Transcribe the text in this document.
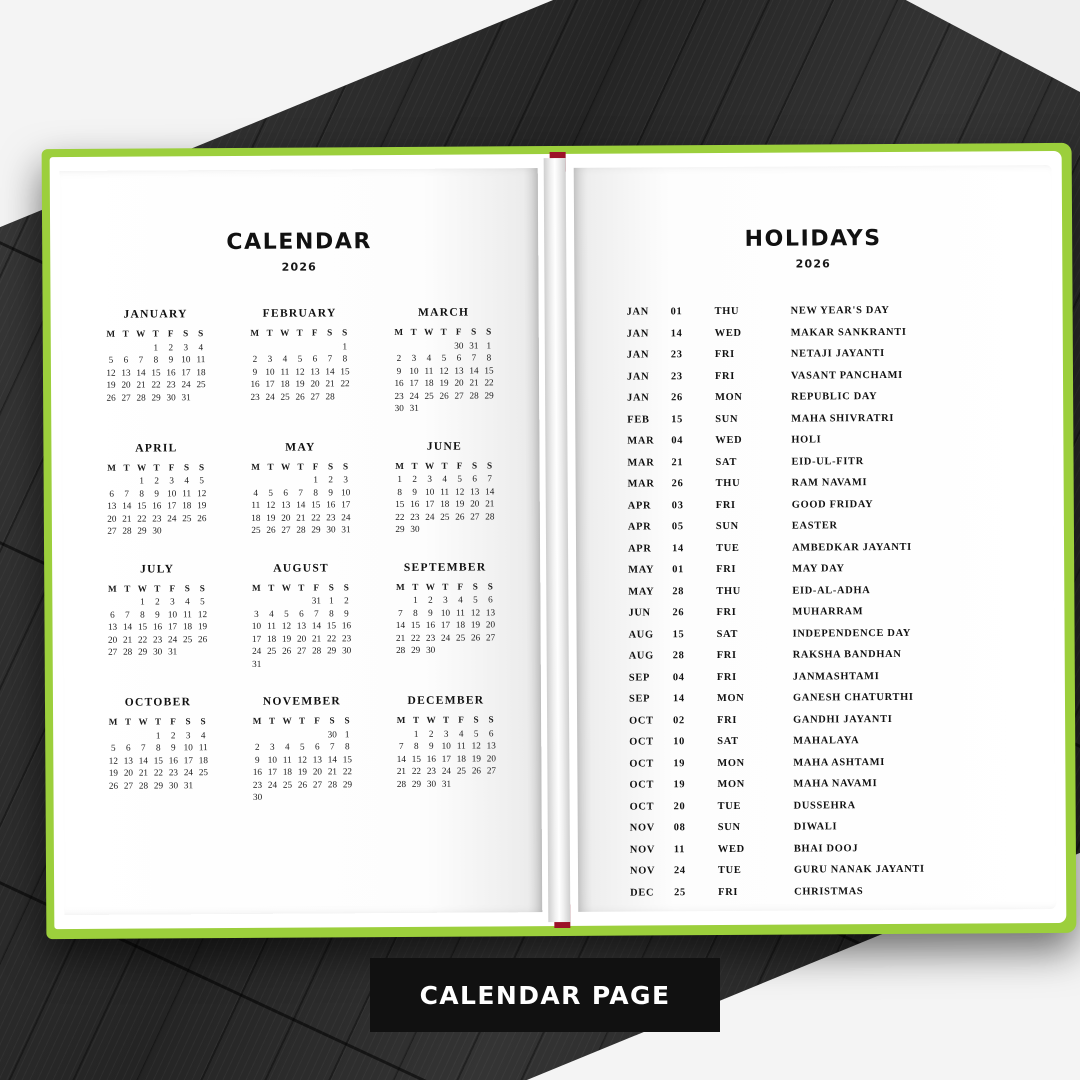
CALENDAR
2026
JANUARY
M	T	W	T	F	S	S
			1	2	3	4
5	6	7	8	9	10	11
12	13	14	15	16	17	18
19	20	21	22	23	24	25
26	27	28	29	30	31	
FEBRUARY
M	T	W	T	F	S	S
						1
2	3	4	5	6	7	8
9	10	11	12	13	14	15
16	17	18	19	20	21	22
23	24	25	26	27	28	
MARCH
M	T	W	T	F	S	S
				30	31	1
2	3	4	5	6	7	8
9	10	11	12	13	14	15
16	17	18	19	20	21	22
23	24	25	26	27	28	29
30	31					
APRIL
M	T	W	T	F	S	S
		1	2	3	4	5
6	7	8	9	10	11	12
13	14	15	16	17	18	19
20	21	22	23	24	25	26
27	28	29	30			
MAY
M	T	W	T	F	S	S
				1	2	3
4	5	6	7	8	9	10
11	12	13	14	15	16	17
18	19	20	21	22	23	24
25	26	27	28	29	30	31
JUNE
M	T	W	T	F	S	S
1	2	3	4	5	6	7
8	9	10	11	12	13	14
15	16	17	18	19	20	21
22	23	24	25	26	27	28
29	30					
JULY
M	T	W	T	F	S	S
		1	2	3	4	5
6	7	8	9	10	11	12
13	14	15	16	17	18	19
20	21	22	23	24	25	26
27	28	29	30	31		
AUGUST
M	T	W	T	F	S	S
				31	1	2
3	4	5	6	7	8	9
10	11	12	13	14	15	16
17	18	19	20	21	22	23
24	25	26	27	28	29	30
31						
SEPTEMBER
M	T	W	T	F	S	S
	1	2	3	4	5	6
7	8	9	10	11	12	13
14	15	16	17	18	19	20
21	22	23	24	25	26	27
28	29	30				
OCTOBER
M	T	W	T	F	S	S
			1	2	3	4
5	6	7	8	9	10	11
12	13	14	15	16	17	18
19	20	21	22	23	24	25
26	27	28	29	30	31	
NOVEMBER
M	T	W	T	F	S	S
					30	1
2	3	4	5	6	7	8
9	10	11	12	13	14	15
16	17	18	19	20	21	22
23	24	25	26	27	28	29
30						
DECEMBER
M	T	W	T	F	S	S
	1	2	3	4	5	6
7	8	9	10	11	12	13
14	15	16	17	18	19	20
21	22	23	24	25	26	27
28	29	30	31			
HOLIDAYS
2026
JAN	01	THU	NEW YEAR'S DAY
JAN	14	WED	MAKAR SANKRANTI
JAN	23	FRI	NETAJI JAYANTI
JAN	23	FRI	VASANT PANCHAMI
JAN	26	MON	REPUBLIC DAY
FEB	15	SUN	MAHA SHIVRATRI
MAR	04	WED	HOLI
MAR	21	SAT	EID-UL-FITR
MAR	26	THU	RAM NAVAMI
APR	03	FRI	GOOD FRIDAY
APR	05	SUN	EASTER
APR	14	TUE	AMBEDKAR JAYANTI
MAY	01	FRI	MAY DAY
MAY	28	THU	EID-AL-ADHA
JUN	26	FRI	MUHARRAM
AUG	15	SAT	INDEPENDENCE DAY
AUG	28	FRI	RAKSHA BANDHAN
SEP	04	FRI	JANMASHTAMI
SEP	14	MON	GANESH CHATURTHI
OCT	02	FRI	GANDHI JAYANTI
OCT	10	SAT	MAHALAYA
OCT	19	MON	MAHA ASHTAMI
OCT	19	MON	MAHA NAVAMI
OCT	20	TUE	DUSSEHRA
NOV	08	SUN	DIWALI
NOV	11	WED	BHAI DOOJ
NOV	24	TUE	GURU NANAK JAYANTI
DEC	25	FRI	CHRISTMAS
CALENDAR PAGE
